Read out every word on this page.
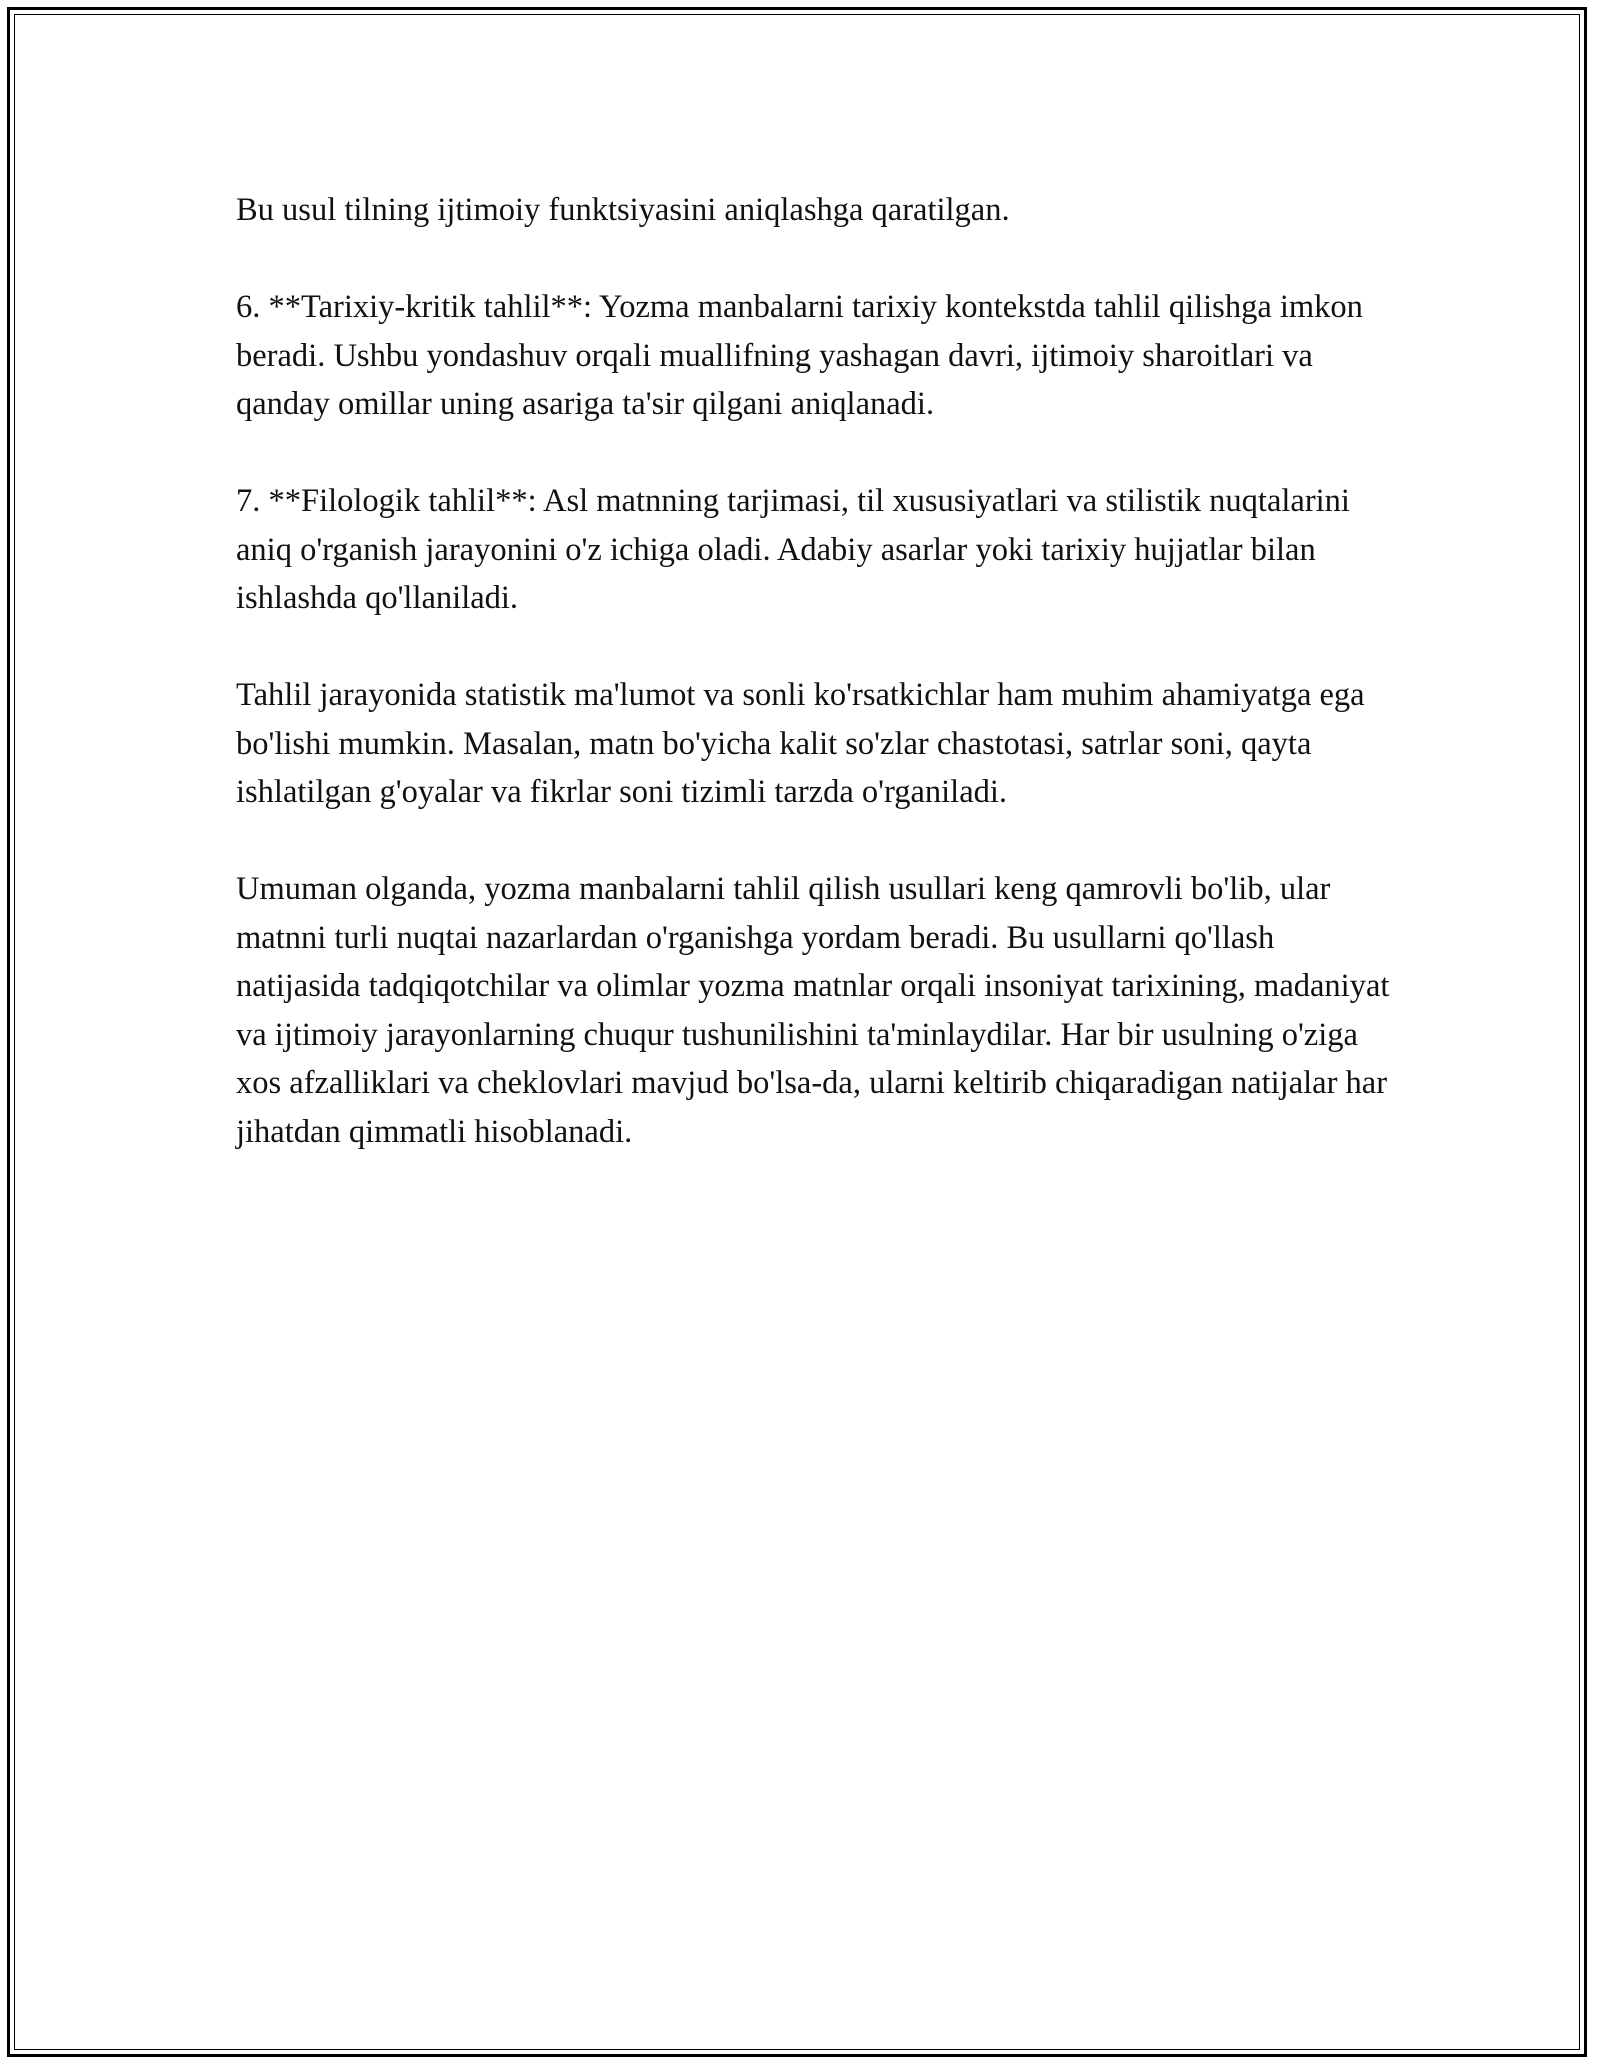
Bu usul tilning ijtimoiy funktsiyasini aniqlashga qaratilgan.

6. **Tarixiy-kritik tahlil**: Yozma manbalarni tarixiy kontekstda tahlil qilishga imkon beradi. Ushbu yondashuv orqali muallifning yashagan davri, ijtimoiy sharoitlari va qanday omillar uning asariga ta'sir qilgani aniqlanadi.

7. **Filologik tahlil**: Asl matnning tarjimasi, til xususiyatlari va stilistik nuqtalarini aniq o'rganish jarayonini o'z ichiga oladi. Adabiy asarlar yoki tarixiy hujjatlar bilan ishlashda qo'llaniladi.

Tahlil jarayonida statistik ma'lumot va sonli ko'rsatkichlar ham muhim ahamiyatga ega bo'lishi mumkin. Masalan, matn bo'yicha kalit so'zlar chastotasi, satrlar soni, qayta ishlatilgan g'oyalar va fikrlar soni tizimli tarzda o'rganiladi.

Umuman olganda, yozma manbalarni tahlil qilish usullari keng qamrovli bo'lib, ular matnni turli nuqtai nazarlardan o'rganishga yordam beradi. Bu usullarni qo'llash natijasida tadqiqotchilar va olimlar yozma matnlar orqali insoniyat tarixining, madaniyat va ijtimoiy jarayonlarning chuqur tushunilishini ta'minlaydilar. Har bir usulning o'ziga xos afzalliklari va cheklovlari mavjud bo'lsa-da, ularni keltirib chiqaradigan natijalar har jihatdan qimmatli hisoblanadi.
